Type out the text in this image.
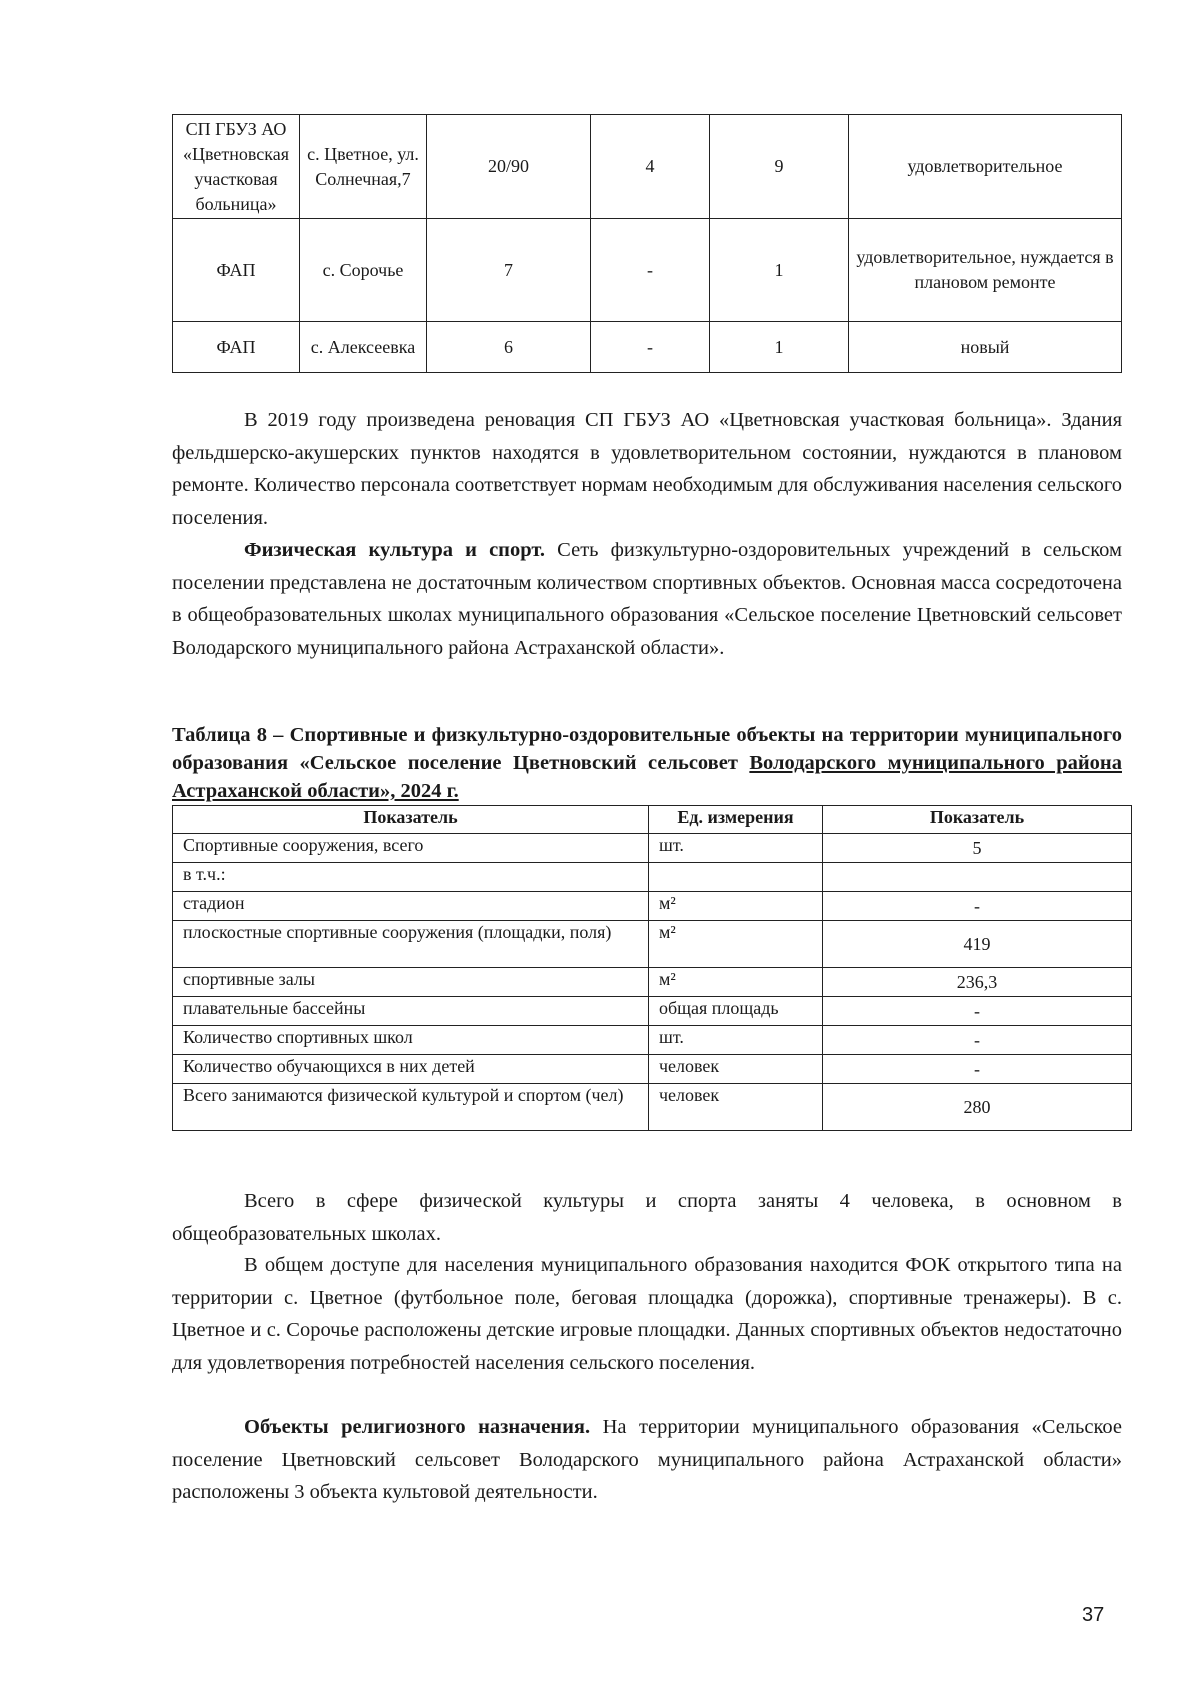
СП ГБУЗ АО «Цветновская участковая больница»	с. Цветное, ул. Солнечная,7	20/90	4	9	удовлетворительное
ФАП	с. Сорочье	7	-	1	удовлетворительное, нуждается в плановом ремонте
ФАП	с. Алексеевка	6	-	1	новый

В 2019 году произведена реновация СП ГБУЗ АО «Цветновская участковая больница». Здания фельдшерско-акушерских пунктов находятся в удовлетворительном состоянии, нуждаются в плановом ремонте. Количество персонала соответствует нормам необходимым для обслуживания населения сельского поселения.

Физическая культура и спорт. Сеть физкультурно-оздоровительных учреждений в сельском поселении представлена не достаточным количеством спортивных объектов. Основная масса сосредоточена в общеобразовательных школах муниципального образования «Сельское поселение Цветновский сельсовет Володарского муниципального района Астраханской области».

Таблица 8 – Спортивные и физкультурно-оздоровительные объекты на территории муниципального образования «Сельское поселение Цветновский сельсовет Володарского муниципального района Астраханской области», 2024 г.

Показатель	Ед. измерения	Показатель
Спортивные сооружения, всего	шт.	5
в т.ч.:		
стадион	м²	-
плоскостные спортивные сооружения (площадки, поля)	м²	419
спортивные залы	м²	236,3
плавательные бассейны	общая площадь	-
Количество спортивных школ	шт.	-
Количество обучающихся в них детей	человек	-
Всего занимаются физической культурой и спортом (чел)	человек	280

Всего в сфере физической культуры и спорта заняты 4 человека, в основном в общеобразовательных школах.

В общем доступе для населения муниципального образования находится ФОК открытого типа на территории с. Цветное (футбольное поле, беговая площадка (дорожка), спортивные тренажеры). В с. Цветное и с. Сорочье расположены детские игровые площадки. Данных спортивных объектов недостаточно для удовлетворения потребностей населения сельского поселения.

Объекты религиозного назначения. На территории муниципального образования «Сельское поселение Цветновский сельсовет Володарского муниципального района Астраханской области» расположены 3 объекта культовой деятельности.

37
